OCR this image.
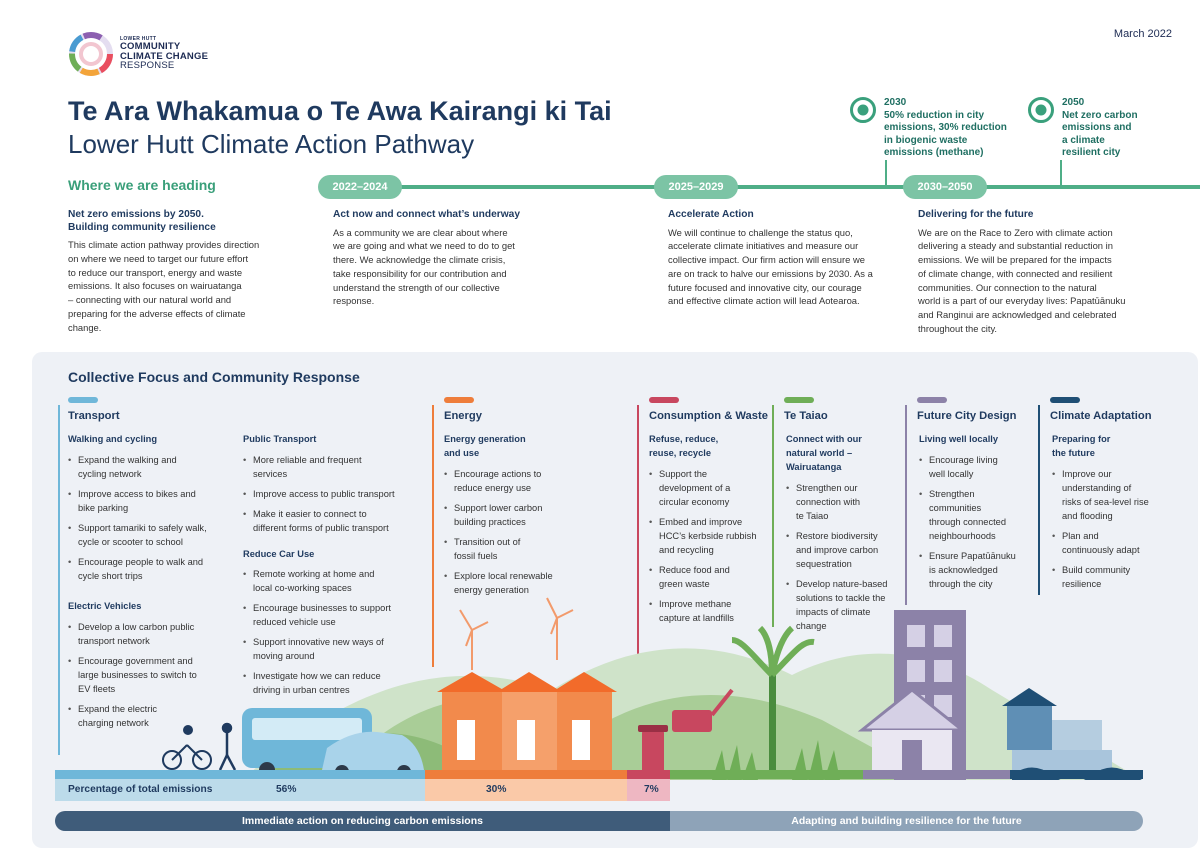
LOWER HUTT
COMMUNITY
CLIMATE CHANGE
RESPONSE
March 2022
Te Ara Whakamua o Te Awa Kairangi ki Tai
Lower Hutt Climate Action Pathway
2022–2024	2025–2029	2030–2050
2030
50% reduction in city
emissions, 30% reduction
in biogenic waste
emissions (methane)
2050
Net zero carbon
emissions and
a climate
resilient city
Where we are heading
Net zero emissions by 2050.
Building community resilience

This climate action pathway provides direction
on where we need to target our future effort
to reduce our transport, energy and waste
emissions. It also focuses on wairuatanga
– connecting with our natural world and
preparing for the adverse effects of climate
change.

Act now and connect what’s underway

As a community we are clear about where
we are going and what we need to do to get
there. We acknowledge the climate crisis,
take responsibility for our contribution and
understand the strength of our collective
response.

Accelerate Action

We will continue to challenge the status quo,
accelerate climate initiatives and measure our
collective impact. Our firm action will ensure we
are on track to halve our emissions by 2030. As a
future focused and innovative city, our courage
and effective climate action will lead Aotearoa.

Delivering for the future

We are on the Race to Zero with climate action
delivering a steady and substantial reduction in
emissions. We will be prepared for the impacts
of climate change, with connected and resilient
communities. Our connection to the natural
world is a part of our everyday lives: Papatūānuku
and Ranginui are acknowledged and celebrated
throughout the city.

Collective Focus and Community Response
Transport	Energy	Consumption & Waste Te Taiao	Future City Design	Climate Adaptation
Walking and cycling
• Expand the walking and
cycling network
• Improve access to bikes and
bike parking
• Support tamariki to safely walk,
cycle or scooter to school
• Encourage people to walk and
cycle short trips
Electric Vehicles
• Develop a low carbon public
transport network
• Encourage government and
large businesses to switch to
EV fleets
• Expand the electric
charging network
Public Transport
• More reliable and frequent
services
• Improve access to public transport
• Make it easier to connect to
different forms of public transport
Reduce Car Use
• Remote working at home and
local co-working spaces
• Encourage businesses to support
reduced vehicle use
• Support innovative new ways of
moving around
• Investigate how we can reduce
driving in urban centres
Energy generation
and use
• Encourage actions to
reduce energy use
• Support lower carbon
building practices
• Transition out of
fossil fuels
• Explore local renewable
energy generation
Refuse, reduce,
reuse, recycle
• Support the
development of a
circular economy
• Embed and improve
HCC’s kerbside rubbish
and recycling
• Reduce food and
green waste
• Improve methane
capture at landfills
Connect with our
natural world –
Wairuatanga
• Strengthen our
connection with
te Taiao
• Restore biodiversity
and improve carbon
sequestration
• Develop nature-based
solutions to tackle the
impacts of climate
change
Living well locally
• Encourage living
well locally
• Strengthen
communities
through connected
neighbourhoods
• Ensure Papatūānuku
is acknowledged
through the city
Preparing for
the future
• Improve our
understanding of
risks of sea-level rise
and flooding
• Plan and
continuously adapt
• Build community
resilience
Percentage of total emissions	56%	30%	7%
Immediate action on reducing carbon emissions	Adapting and building resilience for the future
